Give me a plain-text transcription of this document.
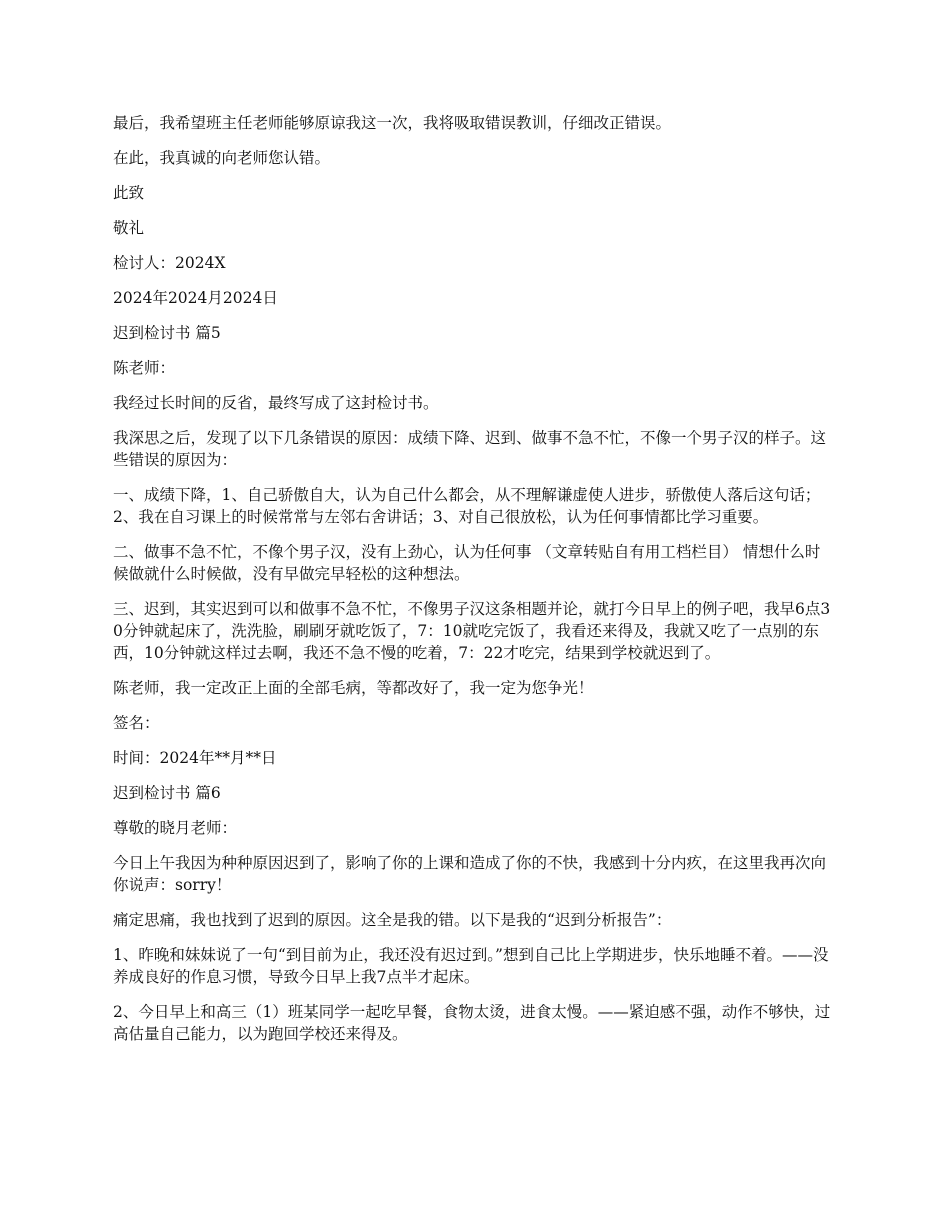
最后，我希望班主任老师能够原谅我这一次，我将吸取错误教训，仔细改正错误。

在此，我真诚的向老师您认错。

此致

敬礼

检讨人：2024X

2024年2024月2024日

迟到检讨书 篇5

陈老师：

我经过长时间的反省，最终写成了这封检讨书。

我深思之后，发现了以下几条错误的原因：成绩下降、迟到、做事不急不忙，不像一个男子汉的样子。这些错误的原因为：

一、成绩下降，1、自己骄傲自大，认为自己什么都会，从不理解谦虚使人进步，骄傲使人落后这句话；2、我在自习课上的时候常常与左邻右舍讲话；3、对自己很放松，认为任何事情都比学习重要。

二、做事不急不忙，不像个男子汉，没有上劲心，认为任何事 （文章转贴自有用工档栏目） 情想什么时候做就什么时候做，没有早做完早轻松的这种想法。

三、迟到，其实迟到可以和做事不急不忙，不像男子汉这条相题并论，就打今日早上的例子吧，我早6点30分钟就起床了，洗洗脸，刷刷牙就吃饭了，7：10就吃完饭了，我看还来得及，我就又吃了一点别的东西，10分钟就这样过去啊，我还不急不慢的吃着，7：22才吃完，结果到学校就迟到了。

陈老师，我一定改正上面的全部毛病，等都改好了，我一定为您争光！

签名：

时间：2024年**月**日

迟到检讨书 篇6

尊敬的晓月老师：

今日上午我因为种种原因迟到了，影响了你的上课和造成了你的不快，我感到十分内疚，在这里我再次向你说声：sorry！

痛定思痛，我也找到了迟到的原因。这全是我的错。以下是我的“迟到分析报告”：

1、昨晚和妹妹说了一句“到目前为止，我还没有迟过到。”想到自己比上学期进步，快乐地睡不着。——没养成良好的作息习惯，导致今日早上我7点半才起床。

2、今日早上和高三（1）班某同学一起吃早餐，食物太烫，进食太慢。——紧迫感不强，动作不够快，过高估量自己能力，以为跑回学校还来得及。
